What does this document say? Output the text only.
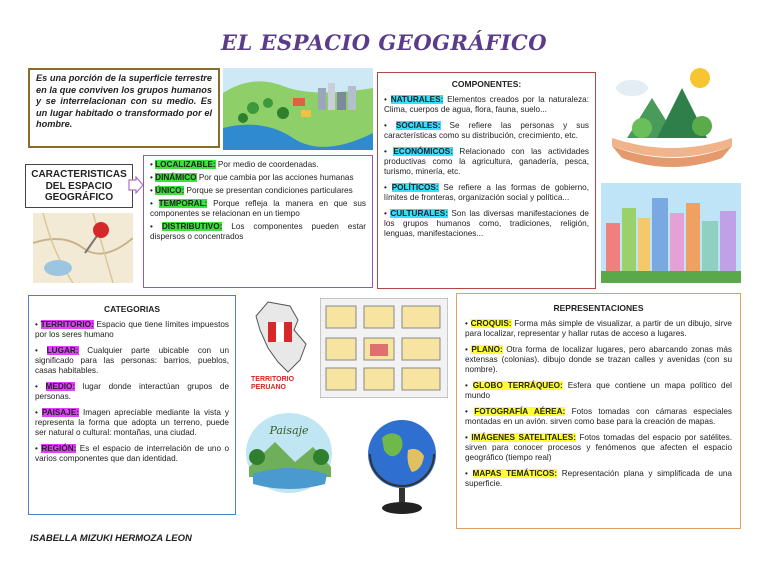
EL ESPACIO GEOGRÁFICO
Es una porción de la superficie terrestre en la que conviven los grupos humanos y se interrelacionan con su medio. Es un lugar habitado o transformado por el hombre.
COMPONENTES:
• NATURALES: Elementos creados por la naturaleza: Clima, cuerpos de agua, flora, fauna, suelo...
• SOCIALES: Se refiere las personas y sus características como su distribución, crecimiento, etc.
• ECONÓMICOS: Relacionado con las actividades productivas como la agricultura, ganadería, pesca, turismo, minería, etc.
• POLÍTICOS: Se refiere a las formas de gobierno, límites de fronteras, organización social y política...
• CULTURALES: Son las diversas manifestaciones de los grupos humanos como, tradiciones, religión, lenguas, manifestaciones...
CARACTERISTICAS DEL ESPACIO GEOGRÁFICO
• LOCALIZABLE: Por medio de coordenadas.
• DINÁMICO Por que cambia por las acciones humanas
• ÚNICO: Porque se presentan condiciones particulares
• TEMPORAL: Porque refleja la manera en que sus componentes se relacionan en un tiempo
• DISTRIBUTIVO: Los componentes pueden estar dispersos o concentrados
CATEGORIAS
• TERRITORIO: Espacio que tiene límites impuestos por los seres humano
• LUGAR: Cualquier parte ubicable con un significado para las personas: barrios, pueblos, casas habitables.
• MEDIO: lugar donde interactúan grupos de personas.
• PAISAJE: Imagen apreciable mediante la vista y representa la forma que adopta un terreno, puede ser natural o cultural: montañas, una ciudad.
• REGIÓN: Es el espacio de interrelación de uno o varios componentes que dan identidad.
TERRITORIO PERUANO
Paisaje
REPRESENTACIONES
• CROQUIS: Forma más simple de visualizar, a partir de un dibujo, sirve para localizar, representar y hallar rutas de acceso a lugares.
• PLANO: Otra forma de localizar lugares, pero abarcando zonas más extensas (colonias). dibujo donde se trazan calles y avenidas (con su nombre).
• GLOBO TERRÁQUEO: Esfera que contiene un mapa político del mundo
• FOTOGRAFÍA AÉREA: Fotos tomadas con cámaras especiales montadas en un avión. sirven como base para la creación de mapas.
• IMÁGENES SATELITALES: Fotos tomadas del espacio por satélites. sirven para conocer procesos y fenómenos que afecten el espacio geográfico (tiempo real)
• MAPAS TEMÁTICOS: Representación plana y simplificada de una superficie.
ISABELLA MIZUKI HERMOZA LEON
